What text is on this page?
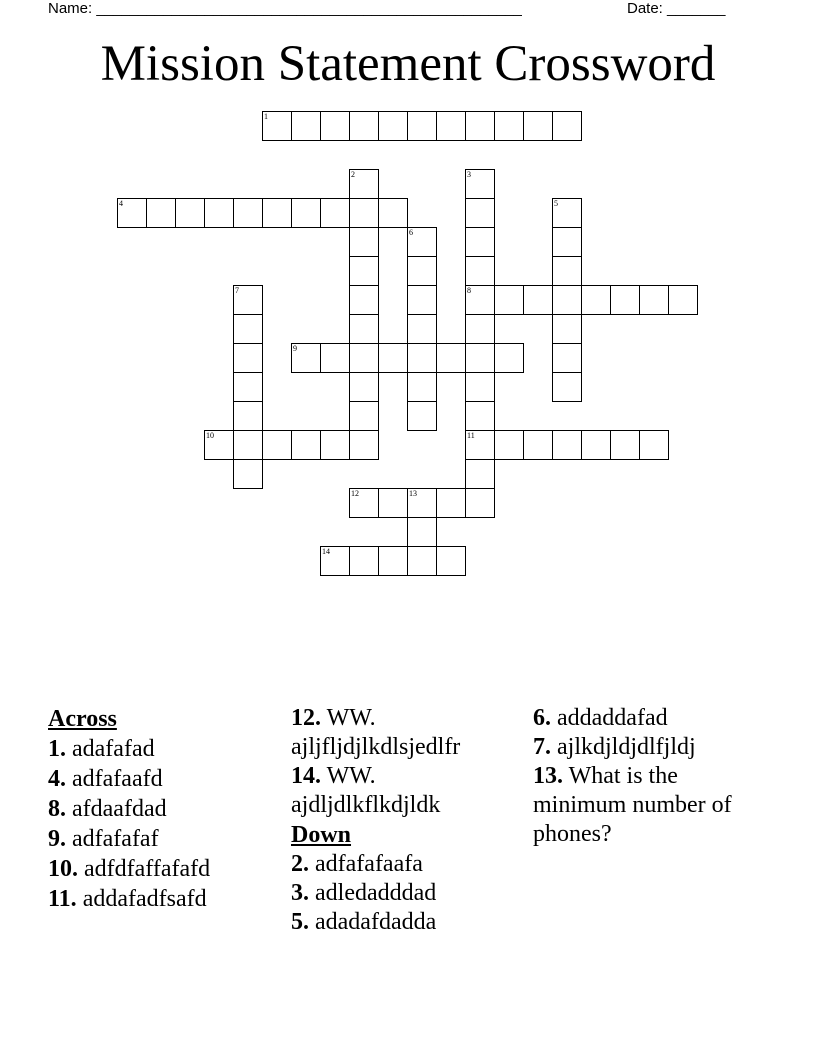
Name: ___________________________________________________	Date: _______
Mission Statement Crossword
1
2	3
8
11
4	5
6
7
9
10
12	13
14
Across
1. adafafad
4. adfafaafd
8. afdaafdad
9. adfafafaf
10. adfdfaffafafd
11. addafadfsafd
12. WW. ajljfljdjlkdlsjedlfr
14. WW. ajdljdlkflkdjldk
Down
2. adfafafaafa
3. adledadddad
5. adadafdadda
6. addaddafad
7. ajlkdjldjdlfjldj
13. What is the minimum number of phones?
